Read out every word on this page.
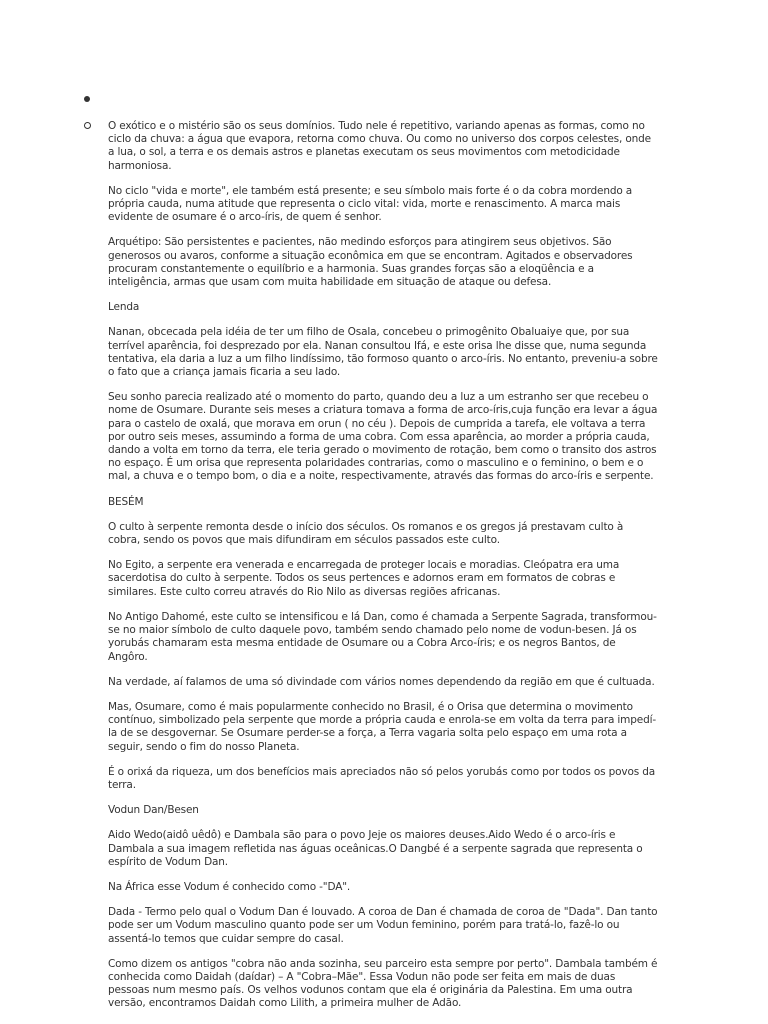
O exótico e o mistério são os seus domínios. Tudo nele é repetitivo, variando apenas as formas, como no ciclo da chuva: a água que evapora, retorna como chuva. Ou como no universo dos corpos celestes, onde a lua, o sol, a terra e os demais astros e planetas executam os seus movimentos com metodicidade harmoniosa.

No ciclo "vida e morte", ele também está presente; e seu símbolo mais forte é o da cobra mordendo a própria cauda, numa atitude que representa o ciclo vital: vida, morte e renascimento. A marca mais evidente de osumare é o arco-íris, de quem é senhor.

Arquétipo: São persistentes e pacientes, não medindo esforços para atingirem seus objetivos. São generosos ou avaros, conforme a situação econômica em que se encontram. Agitados e observadores procuram constantemente o equilíbrio e a harmonia. Suas grandes forças são a eloqüência e a inteligência, armas que usam com muita habilidade em situação de ataque ou defesa.

Lenda

Nanan, obcecada pela idéia de ter um filho de Osala, concebeu o primogênito Obaluaiye que, por sua terrível aparência, foi desprezado por ela. Nanan consultou Ifá, e este orisa lhe disse que, numa segunda tentativa, ela daria a luz a um filho lindíssimo, tão formoso quanto o arco-íris. No entanto, preveniu-a sobre o fato que a criança jamais ficaria a seu lado.

Seu sonho parecia realizado até o momento do parto, quando deu a luz a um estranho ser que recebeu o nome de Osumare. Durante seis meses a criatura tomava a forma de arco-íris,cuja função era levar a água para o castelo de oxalá, que morava em orun ( no céu ). Depois de cumprida a tarefa, ele voltava a terra por outro seis meses, assumindo a forma de uma cobra. Com essa aparência, ao morder a própria cauda, dando a volta em torno da terra, ele teria gerado o movimento de rotação, bem como o transito dos astros no espaço. É um orisa que representa polaridades contrarias, como o masculino e o feminino, o bem e o mal, a chuva e o tempo bom, o dia e a noite, respectivamente, através das formas do arco-íris e serpente.

BESÉM

O culto à serpente remonta desde o início dos séculos. Os romanos e os gregos já prestavam culto à cobra, sendo os povos que mais difundiram em séculos passados este culto.

No Egito, a serpente era venerada e encarregada de proteger locais e moradias. Cleópatra era uma sacerdotisa do culto à serpente. Todos os seus pertences e adornos eram em formatos de cobras e similares. Este culto correu através do Rio Nilo as diversas regiões africanas.

No Antigo Dahomé, este culto se intensificou e lá Dan, como é chamada a Serpente Sagrada, transformou-se no maior símbolo de culto daquele povo, também sendo chamado pelo nome de vodun-besen. Já os yorubás chamaram esta mesma entidade de Osumare ou a Cobra Arco-íris; e os negros Bantos, de Angôro.

Na verdade, aí falamos de uma só divindade com vários nomes dependendo da região em que é cultuada.

Mas, Osumare, como é mais popularmente conhecido no Brasil, é o Orisa que determina o movimento contínuo, simbolizado pela serpente que morde a própria cauda e enrola-se em volta da terra para impedí-la de se desgovernar. Se Osumare perder-se a força, a Terra vagaria solta pelo espaço em uma rota a seguir, sendo o fim do nosso Planeta.

É o orixá da riqueza, um dos benefícios mais apreciados não só pelos yorubás como por todos os povos da terra.

Vodun Dan/Besen

Aido Wedo(aidô uêdô) e Dambala são para o povo Jeje os maiores deuses.Aido Wedo é o arco-íris e Dambala a sua imagem refletida nas águas oceânicas.O Dangbé é a serpente sagrada que representa o espírito de Vodum Dan.

Na África esse Vodum é conhecido como -"DA".

Dada - Termo pelo qual o Vodum Dan é louvado. A coroa de Dan é chamada de coroa de "Dada". Dan tanto pode ser um Vodum masculino quanto pode ser um Vodun feminino, porém para tratá-lo, fazê-lo ou assentá-lo temos que cuidar sempre do casal.

Como dizem os antigos "cobra não anda sozinha, seu parceiro esta sempre por perto". Dambala também é conhecida como Daidah (daídar) – A "Cobra–Mãe". Essa Vodun não pode ser feita em mais de duas pessoas num mesmo país. Os velhos vodunos contam que ela é originária da Palestina. Em uma outra versão, encontramos Daidah como Lilith, a primeira mulher de Adão.
